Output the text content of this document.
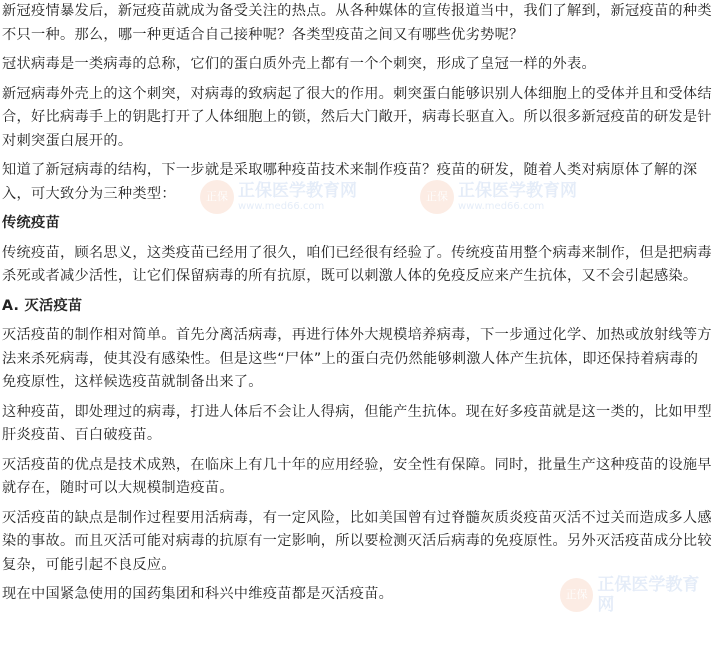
新冠疫情暴发后，新冠疫苗就成为备受关注的热点。从各种媒体的宣传报道当中，我们了解到，新冠疫苗的种类不只一种。那么，哪一种更适合自己接种呢？各类型疫苗之间又有哪些优劣势呢？

冠状病毒是一类病毒的总称，它们的蛋白质外壳上都有一个个刺突，形成了皇冠一样的外表。

新冠病毒外壳上的这个刺突，对病毒的致病起了很大的作用。刺突蛋白能够识别人体细胞上的受体并且和受体结合，好比病毒手上的钥匙打开了人体细胞上的锁，然后大门敞开，病毒长驱直入。所以很多新冠疫苗的研发是针对刺突蛋白展开的。

知道了新冠病毒的结构，下一步就是采取哪种疫苗技术来制作疫苗？疫苗的研发，随着人类对病原体了解的深入，可大致分为三种类型：

传统疫苗

传统疫苗，顾名思义，这类疫苗已经用了很久，咱们已经很有经验了。传统疫苗用整个病毒来制作，但是把病毒杀死或者减少活性，让它们保留病毒的所有抗原，既可以刺激人体的免疫反应来产生抗体，又不会引起感染。

A. 灭活疫苗

灭活疫苗的制作相对简单。首先分离活病毒，再进行体外大规模培养病毒，下一步通过化学、加热或放射线等方法来杀死病毒，使其没有感染性。但是这些“尸体”上的蛋白壳仍然能够刺激人体产生抗体，即还保持着病毒的免疫原性，这样候选疫苗就制备出来了。

这种疫苗，即处理过的病毒，打进人体后不会让人得病，但能产生抗体。现在好多疫苗就是这一类的，比如甲型肝炎疫苗、百白破疫苗。

灭活疫苗的优点是技术成熟，在临床上有几十年的应用经验，安全性有保障。同时，批量生产这种疫苗的设施早就存在，随时可以大规模制造疫苗。

灭活疫苗的缺点是制作过程要用活病毒，有一定风险，比如美国曾有过脊髓灰质炎疫苗灭活不过关而造成多人感染的事故。而且灭活可能对病毒的抗原有一定影响，所以要检测灭活后病毒的免疫原性。另外灭活疫苗成分比较复杂，可能引起不良反应。

现在中国紧急使用的国药集团和科兴中维疫苗都是灭活疫苗。

正保 正保医学教育网
www.med66.com
正保 正保医学教育网
www.med66.com
正保 正保医学教育网
